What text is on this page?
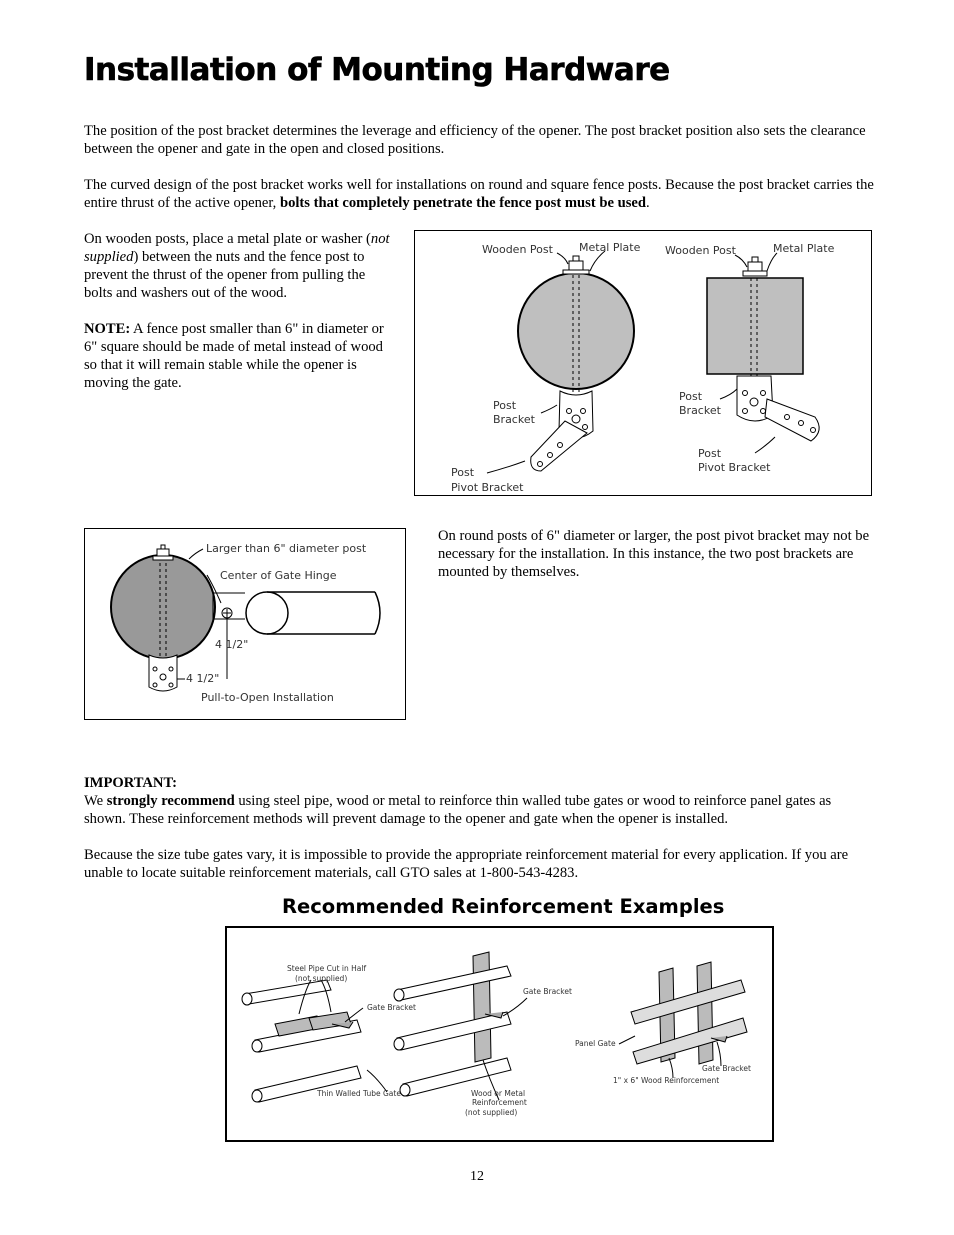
Installation of Mounting Hardware

The position of the post bracket determines the leverage and efficiency of the opener. The post bracket position also sets the clearance between the opener and gate in the open and closed positions.

The curved design of the post bracket works well for installations on round and square fence posts. Because the post bracket carries the entire thrust of the active opener, bolts that completely penetrate the fence post must be used.

On wooden posts, place a metal plate or washer (not supplied) between the nuts and the fence post to prevent the thrust of the opener from pulling the bolts and washers out of the wood.

NOTE: A fence post smaller than 6" in diameter or 6" square should be made of metal instead of wood so that it will remain stable while the opener is moving the gate.

Wooden Post Metal Plate Wooden Post	Metal Plate
Post
Bracket
Post
Bracket
Post
Pivot Bracket
Post
Pivot Bracket
Larger than 6" diameter post
Center of Gate Hinge
4 1/2"
4 1/2"
Pull-to-Open Installation

On round posts of 6" diameter or larger, the post pivot bracket may not be necessary for the installation. In this instance, the two post brackets are mounted by themselves.

IMPORTANT:

We strongly recommend using steel pipe, wood or metal to reinforce thin walled tube gates or wood to reinforce panel gates as shown. These reinforcement methods will prevent damage to the opener and gate when the opener is installed.

Because the size tube gates vary, it is impossible to provide the appropriate reinforcement material for every application. If you are unable to locate suitable reinforcement materials, call GTO sales at 1-800-543-4283.

Recommended Reinforcement Examples
Steel Pipe Cut in Half
(not supplied)
Gate Bracket
Thin Walled Tube Gate
Gate Bracket
Wood or Metal
Reinforcement
(not supplied)
Panel Gate
Gate Bracket
1" x 6" Wood Reinforcement
12
